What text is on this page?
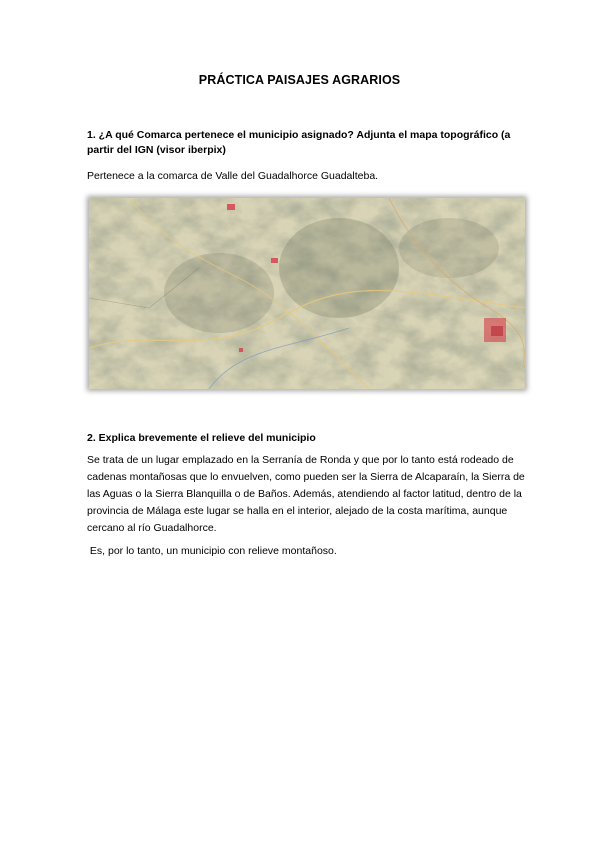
PRÁCTICA PAISAJES AGRARIOS
1. ¿A qué Comarca pertenece el municipio asignado? Adjunta el mapa topográfico (a partir del IGN (visor iberpix)
Pertenece a la comarca de Valle del Guadalhorce Guadalteba.
2. Explica brevemente el relieve del municipio
Se trata de un lugar emplazado en la Serranía de Ronda y que por lo tanto está rodeado de cadenas montañosas que lo envuelven, como pueden ser la Sierra de Alcaparaín, la Sierra de las Aguas o la Sierra Blanquilla o de Baños. Además, atendiendo al factor latitud, dentro de la provincia de Málaga este lugar se halla en el interior, alejado de la costa marítima, aunque cercano al río Guadalhorce.
Es, por lo tanto, un municipio con relieve montañoso.
